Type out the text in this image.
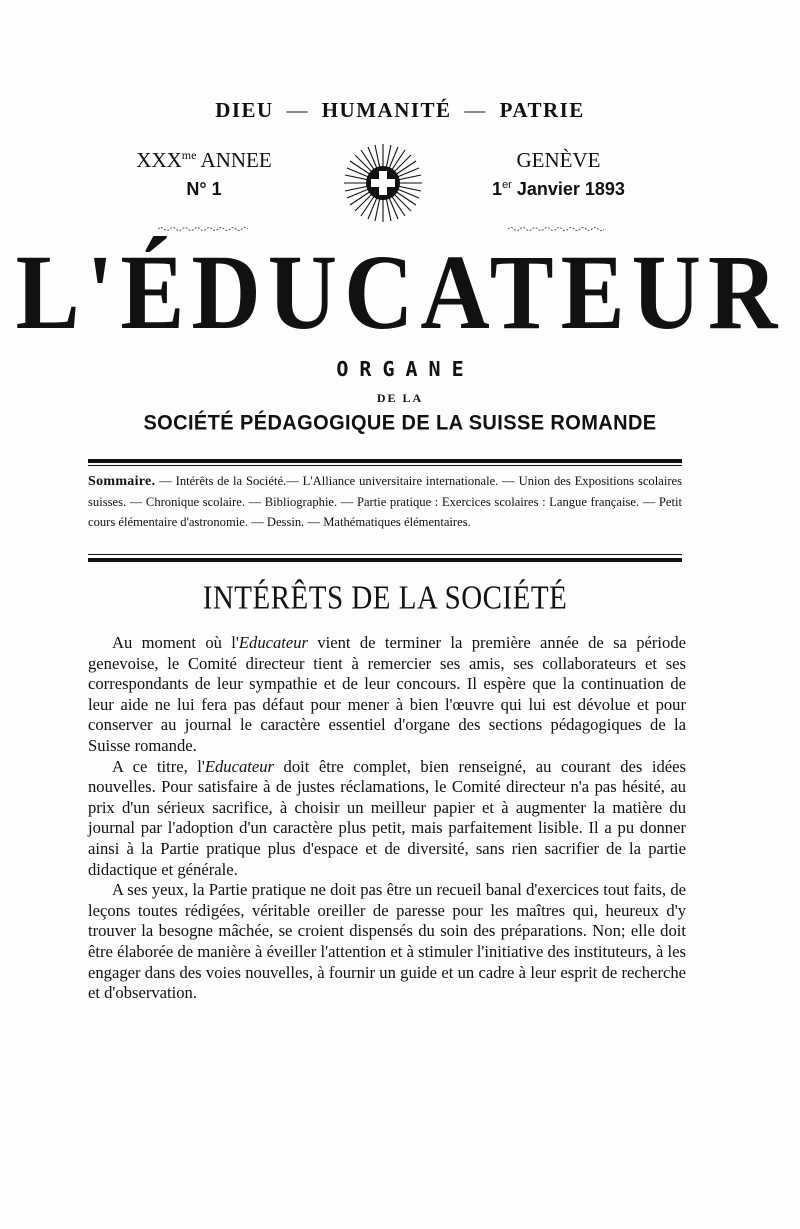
DIEU — HUMANITÉ — PATRIE
$XXX^{me}$ ANNEE
N° 1
GENÈVE
1er Janvier 1893
L'ÉDUCATEUR
ORGANE
DE LA
SOCIÉTÉ PÉDAGOGIQUE DE LA SUISSE ROMANDE
Sommaire. — Intérêts de la Société.— L'Alliance universitaire internationale. — Union des Expositions scolaires suisses. — Chronique scolaire. — Bibliographie. — Partie pratique : Exercices scolaires : Langue française. — Petit cours élémentaire d'astronomie. — Dessin. — Mathématiques élémentaires.
INTÉRÊTS DE LA SOCIÉTÉ

Au moment où l'Educateur vient de terminer la première année de sa période genevoise, le Comité directeur tient à remercier ses amis, ses collaborateurs et ses correspondants de leur sympathie et de leur concours. Il espère que la continuation de leur aide ne lui fera pas défaut pour mener à bien l'œuvre qui lui est dévolue et pour conserver au journal le caractère essentiel d'organe des sections pédagogiques de la Suisse romande.

A ce titre, l'Educateur doit être complet, bien renseigné, au courant des idées nouvelles. Pour satisfaire à de justes réclamations, le Comité directeur n'a pas hésité, au prix d'un sérieux sacrifice, à choisir un meilleur papier et à augmenter la matière du journal par l'adoption d'un caractère plus petit, mais parfaitement lisible. Il a pu donner ainsi à la Partie pratique plus d'espace et de diversité, sans rien sacrifier de la partie didactique et générale.

A ses yeux, la Partie pratique ne doit pas être un recueil banal d'exercices tout faits, de leçons toutes rédigées, véritable oreiller de paresse pour les maîtres qui, heureux d'y trouver la besogne mâchée, se croient dispensés du soin des préparations. Non; elle doit être élaborée de manière à éveiller l'attention et à stimuler l'initiative des instituteurs, à les engager dans des voies nouvelles, à fournir un guide et un cadre à leur esprit de recherche et d'observation.
